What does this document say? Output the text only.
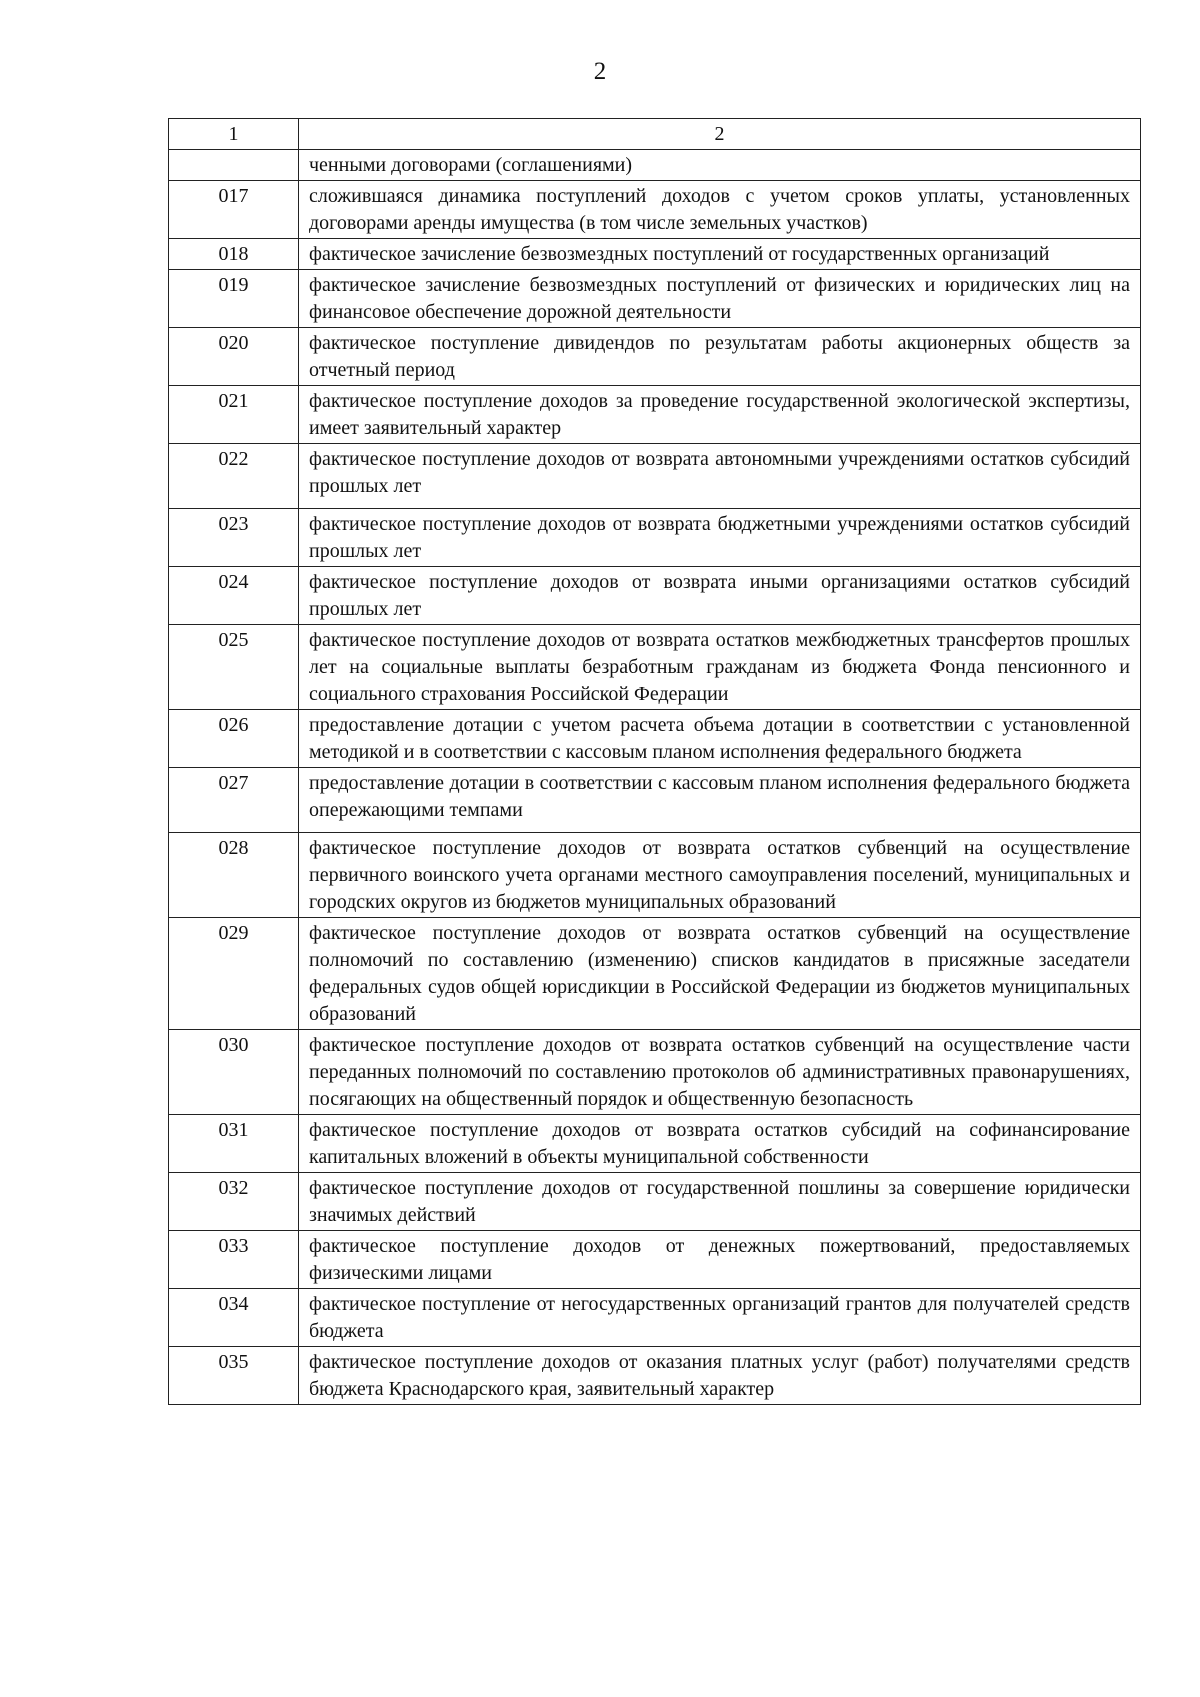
2
1	2
	ченными договорами (соглашениями)
017	сложившаяся динамика поступлений доходов с учетом сроков уплаты, установленных договорами аренды имущества (в том числе земельных участков)
018	фактическое зачисление безвозмездных поступлений от государственных организаций
019	фактическое зачисление безвозмездных поступлений от физических и юридических лиц на финансовое обеспечение дорожной деятельности
020	фактическое поступление дивидендов по результатам работы акционерных обществ за отчетный период
021	фактическое поступление доходов за проведение государственной экологической экспертизы, имеет заявительный характер
022	фактическое поступление доходов от возврата автономными учреждениями остатков субсидий прошлых лет
023	фактическое поступление доходов от возврата бюджетными учреждениями остатков субсидий прошлых лет
024	фактическое поступление доходов от возврата иными организациями остатков субсидий прошлых лет
025	фактическое поступление доходов от возврата остатков межбюджетных трансфертов прошлых лет на социальные выплаты безработным гражданам из бюджета Фонда пенсионного и социального страхования Российской Федерации
026	предоставление дотации с учетом расчета объема дотации в соответствии с установленной методикой и в соответствии с кассовым планом исполнения федерального бюджета
027	предоставление дотации в соответствии с кассовым планом исполнения федерального бюджета опережающими темпами
028	фактическое поступление доходов от возврата остатков субвенций на осуществление первичного воинского учета органами местного самоуправления поселений, муниципальных и городских округов из бюджетов муниципальных образований
029	фактическое поступление доходов от возврата остатков субвенций на осуществление полномочий по составлению (изменению) списков кандидатов в присяжные заседатели федеральных судов общей юрисдикции в Российской Федерации из бюджетов муниципальных образований
030	фактическое поступление доходов от возврата остатков субвенций на осуществление части переданных полномочий по составлению протоколов об административных правонарушениях, посягающих на общественный порядок и общественную безопасность
031	фактическое поступление доходов от возврата остатков субсидий на софинансирование капитальных вложений в объекты муниципальной собственности
032	фактическое поступление доходов от государственной пошлины за совершение юридически значимых действий
033	фактическое поступление доходов от денежных пожертвований, предоставляемых физическими лицами
034	фактическое поступление от негосударственных организаций грантов для получателей средств бюджета
035	фактическое поступление доходов от оказания платных услуг (работ) получателями средств бюджета Краснодарского края, заявительный характер
